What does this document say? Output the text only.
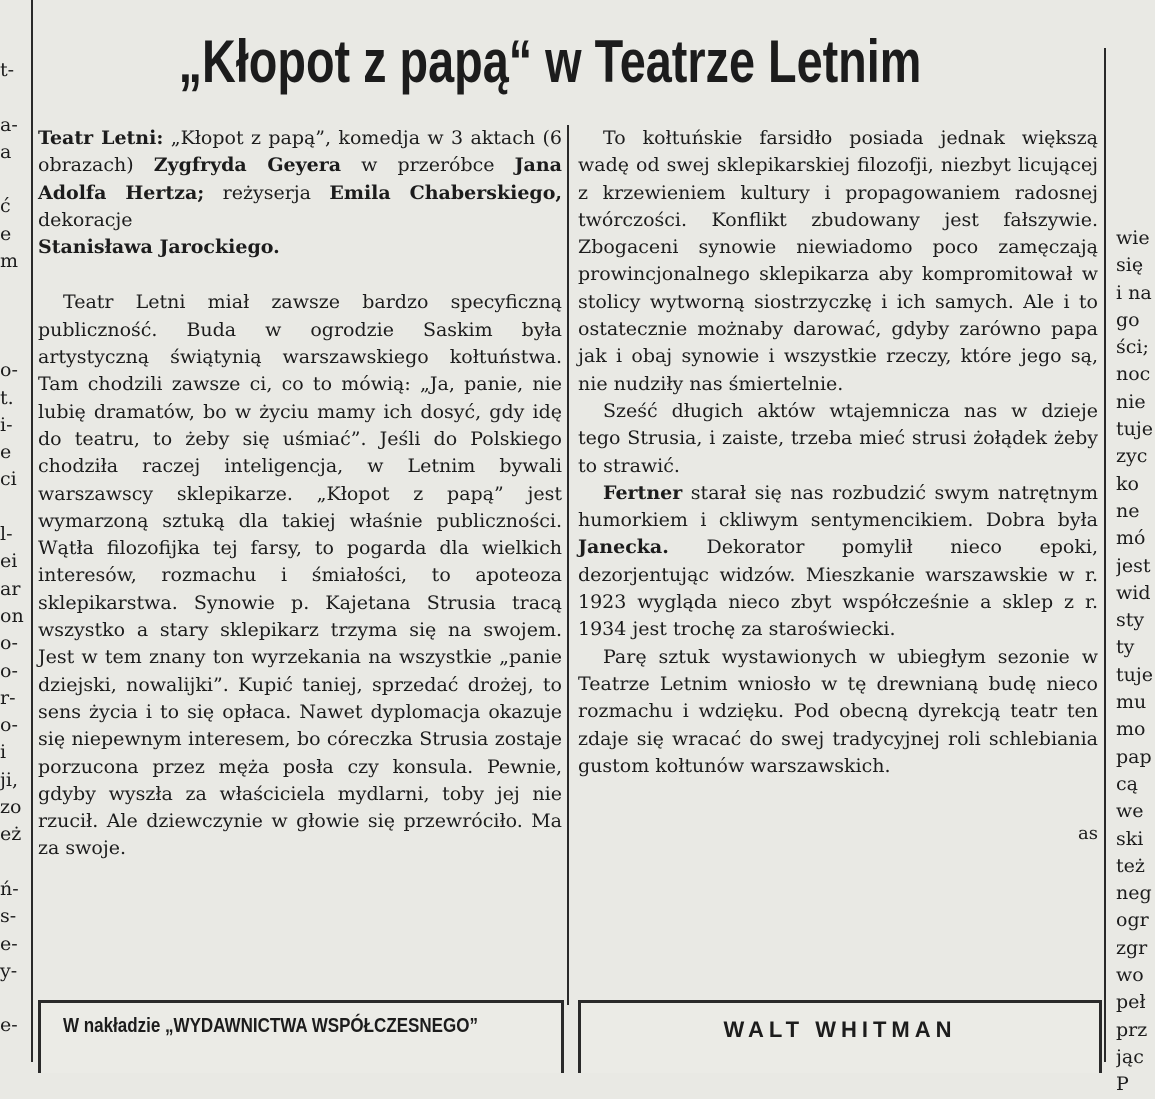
t-

a-
a

ć
e
m

o-
t.
i-
e
ci

l-
ei
ar
on
o-
o-
r-
o-
i
ji,
zo
eż

ń-
s-
e-
y-

e-
„Kłopot z papą“ w Teatrze Letnim

Teatr Letni: „Kłopot z papą”, komedja w 3 aktach (6 obrazach) Zygfryda Geyera w przeróbce Jana Adolfa Hertza; reżyserja Emila Chaberskiego, dekoracje
Stanisława Jarockiego.

Teatr Letni miał zawsze bardzo specyficzną publiczność. Buda w ogrodzie Saskim była artystyczną świątynią warszawskiego kołtuństwa. Tam chodzili zawsze ci, co to mówią: „Ja, panie, nie lubię dramatów, bo w życiu mamy ich dosyć, gdy idę do teatru, to żeby się uśmiać”. Jeśli do Polskiego chodziła raczej inteligencja, w Letnim bywali warszawscy sklepikarze. „Kłopot z papą” jest wymarzoną sztuką dla takiej właśnie publiczności. Wątła filozofijka tej farsy, to pogarda dla wielkich interesów, rozmachu i śmiałości, to apoteoza sklepikarstwa. Synowie p. Kajetana Strusia tracą wszystko a stary sklepikarz trzyma się na swojem. Jest w tem znany ton wyrzekania na wszystkie „panie dziejski, nowalijki”. Kupić taniej, sprzedać drożej, to sens życia i to się opłaca. Nawet dyplomacja okazuje się niepewnym interesem, bo córeczka Strusia zostaje porzucona przez męża posła czy konsula. Pewnie, gdyby wyszła za właściciela mydlarni, toby jej nie rzucił. Ale dziewczynie w głowie się przewróciło. Ma za swoje.

To kołtuńskie farsidło posiada jednak większą wadę od swej sklepikarskiej filozofji, niezbyt licującej z krzewieniem kultury i propagowaniem radosnej twórczości. Konflikt zbudowany jest fałszywie. Zbogaceni synowie niewiadomo poco zamęczają prowincjonalnego sklepikarza aby kompromitował w stolicy wytworną siostrzyczkę i ich samych. Ale i to ostatecznie możnaby darować, gdyby zarówno papa jak i obaj synowie i wszystkie rzeczy, które jego są, nie nudziły nas śmiertelnie.

Sześć długich aktów wtajemnicza nas w dzieje tego Strusia, i zaiste, trzeba mieć strusi żołądek żeby to strawić.

Fertner starał się nas rozbudzić swym natrętnym humorkiem i ckliwym sentymencikiem. Dobra była Janecka. Dekorator pomylił nieco epoki, dezorjentując widzów. Mieszkanie warszawskie w r. 1923 wygląda nieco zbyt współcześnie a sklep z r. 1934 jest trochę za staroświecki.

Parę sztuk wystawionych w ubiegłym sezonie w Teatrze Letnim wniosło w tę drewnianą budę nieco rozmachu i wdzięku. Pod obecną dyrekcją teatr ten zdaje się wracać do swej tradycyjnej roli schlebiania gustom kołtunów warszawskich.

as
wie
się
i na
go
ści;
noc
nie
tuje
zyc
ko
ne
mó
jest
wid
sty
ty
tuje
mu
mo
pap
cą
we
ski
też
neg
ogr
zgr
wo
peł
prz
jąc
P
W nakładzie „WYDAWNICTWA WSPÓŁCZESNEGO”	WALT WHITMAN
